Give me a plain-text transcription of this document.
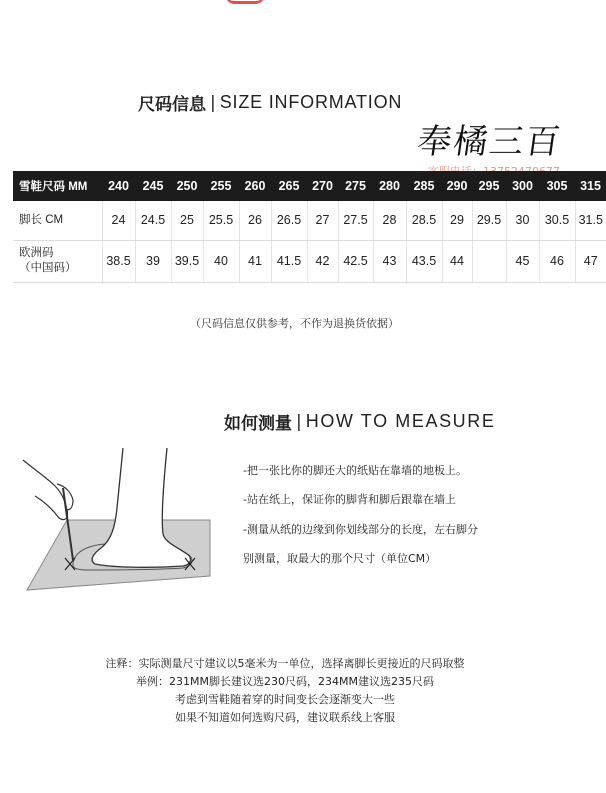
尺码信息 | SIZE INFORMATION
奉橘三百
雪鞋尺码 MM	240	245	250	255	260	265	270	275	280	285	290	295	300	305	315
脚长 CM	24	24.5	25	25.5	26	26.5	27	27.5	28	28.5	29	29.5	30	30.5	31.5

欧洲码
（中国码）	38.5	39	39.5	40	41	41.5	42	42.5	43	43.5	44		45	46	47
（尺码信息仅供参考，不作为退换货依据）
如何测量 | HOW TO MEASURE
-把一张比你的脚还大的纸贴在靠墙的地板上。
-站在纸上，保证你的脚背和脚后跟靠在墙上
-测量从纸的边缘到你划线部分的长度，左右脚分
别测量，取最大的那个尺寸（单位CM）
注释：实际测量尺寸建议以5毫米为一单位，选择离脚长更接近的尺码取整
举例：231MM脚长建议选230尺码，234MM建议选235尺码
考虑到雪鞋随着穿的时间变长会逐渐变大一些
如果不知道如何选购尺码，建议联系线上客服
